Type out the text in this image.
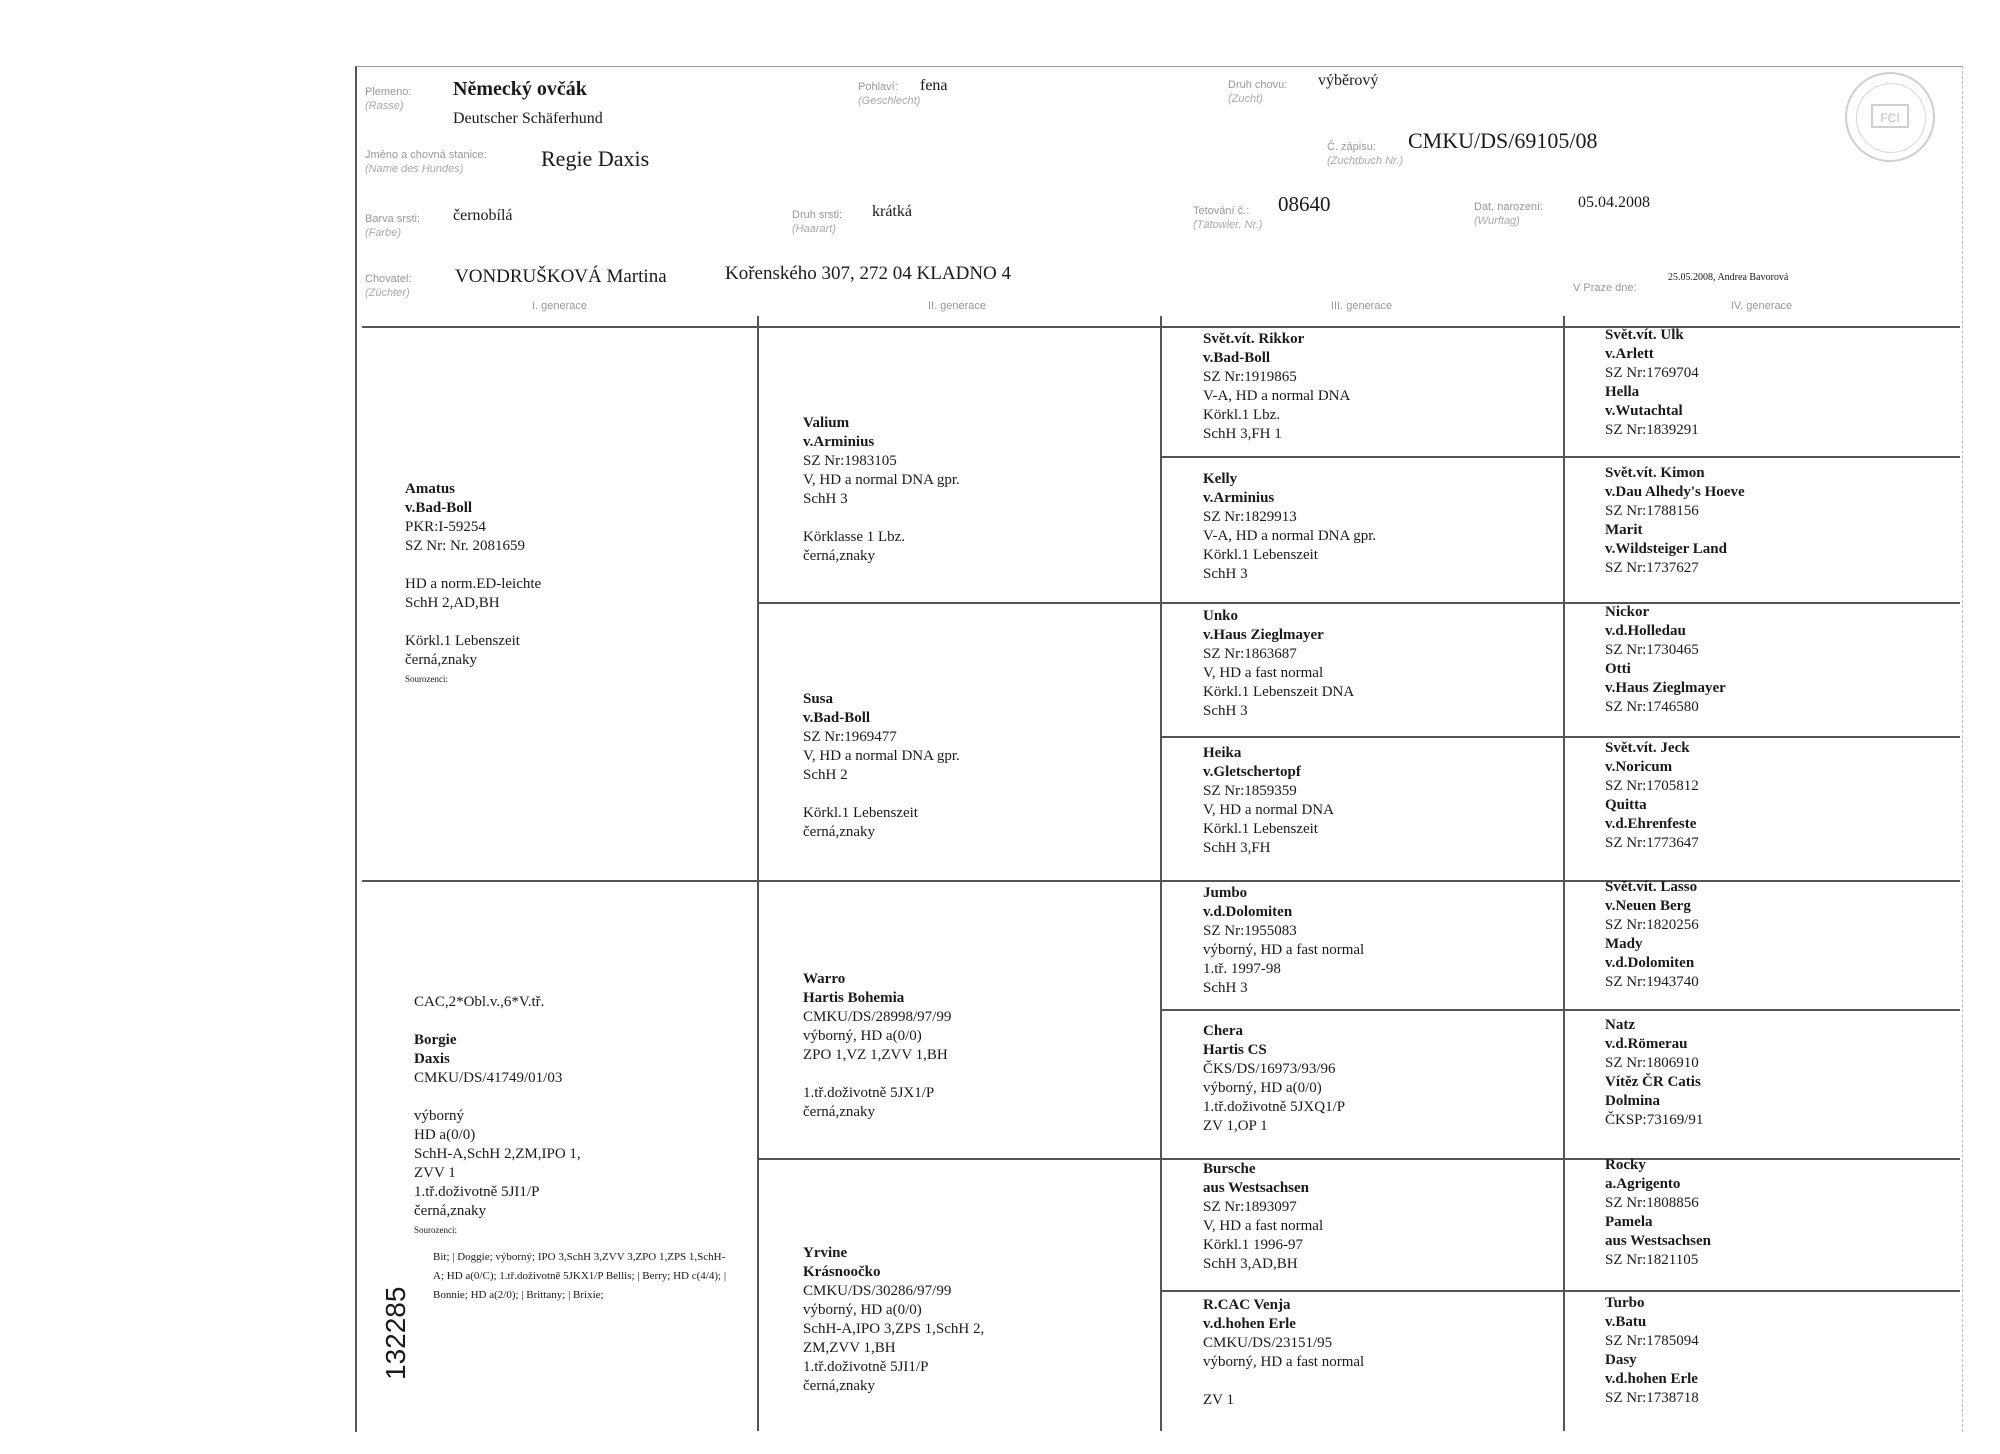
Plemeno:
(Rasse)
Německý ovčák
Deutscher Schäferhund
Pohlaví:
(Geschlecht)
fena	Druh chovu:
(Zucht)
výběrový
FCI
Jméno a chovná stanice:
(Name des Hundes)	Regie Daxis	Č. zápisu:
(Zuchtbuch Nr.)
CMKU/DS/69105/08
Barva srsti:
(Farbe)
černobílá	Druh srsti:
(Haarart)
krátká	Tetování č.:
(Tätowier. Nr.)
08640	Dat. narození:
(Wurftag)
05.04.2008
Chovatel:
(Züchter)
VONDRUŠKOVÁ Martina	Kořenského 307, 272 04 KLADNO 4
V Praze dne:
25.05.2008, Andrea Bavorová
I. generace	II. generace	III. generace	IV. generace
Amatus
v.Bad-Boll
PKR:I-59254
SZ Nr: Nr. 2081659

HD a norm.ED-leichte
SchH 2,AD,BH

Körkl.1 Lebenszeit
černá,znaky
Sourozenci:
CAC,2*Obl.v.,6*V.tř.

Borgie
Daxis
CMKU/DS/41749/01/03

výborný
HD a(0/0)
SchH-A,SchH 2,ZM,IPO 1,
ZVV 1
1.tř.doživotně 5JI1/P
černá,znaky
Sourozenci:
Bit; | Doggie; výborný; IPO 3,SchH 3,ZVV 3,ZPO 1,ZPS 1,SchH-A; HD a(0/C); 1.tř.doživotně 5JKX1/P Bellis; | Berry; HD c(4/4); | Bonnie; HD a(2/0); | Brittany; | Brixie;
132285
Valium
v.Arminius
SZ Nr:1983105
V, HD a normal DNA gpr.
SchH 3

Körklasse 1 Lbz.
černá,znaky
Susa
v.Bad-Boll
SZ Nr:1969477
V, HD a normal DNA gpr.
SchH 2

Körkl.1 Lebenszeit
černá,znaky
Warro
Hartis Bohemia
CMKU/DS/28998/97/99
výborný, HD a(0/0)
ZPO 1,VZ 1,ZVV 1,BH

1.tř.doživotně 5JX1/P
černá,znaky
Yrvine
Krásnoočko
CMKU/DS/30286/97/99
výborný, HD a(0/0)
SchH-A,IPO 3,ZPS 1,SchH 2,
ZM,ZVV 1,BH
1.tř.doživotně 5JI1/P
černá,znaky
Svět.vít. Rikkor
v.Bad-Boll
SZ Nr:1919865
V-A, HD a normal DNA
Körkl.1 Lbz.
SchH 3,FH 1
Kelly
v.Arminius
SZ Nr:1829913
V-A, HD a normal DNA gpr.
Körkl.1 Lebenszeit
SchH 3
Unko
v.Haus Zieglmayer
SZ Nr:1863687
V, HD a fast normal
Körkl.1 Lebenszeit DNA
SchH 3
Heika
v.Gletschertopf
SZ Nr:1859359
V, HD a normal DNA
Körkl.1 Lebenszeit
SchH 3,FH
Jumbo
v.d.Dolomiten
SZ Nr:1955083
výborný, HD a fast normal
1.tř. 1997-98
SchH 3
Chera
Hartis CS
ČKS/DS/16973/93/96
výborný, HD a(0/0)
1.tř.doživotně 5JXQ1/P
ZV 1,OP 1
Bursche
aus Westsachsen
SZ Nr:1893097
V, HD a fast normal
Körkl.1 1996-97
SchH 3,AD,BH
R.CAC Venja
v.d.hohen Erle
CMKU/DS/23151/95
výborný, HD a fast normal

ZV 1
Svět.vít. Ulk
v.Arlett
SZ Nr:1769704
Hella
v.Wutachtal
SZ Nr:1839291
Svět.vít. Kimon
v.Dau Alhedy's Hoeve
SZ Nr:1788156
Marit
v.Wildsteiger Land
SZ Nr:1737627
Nickor
v.d.Holledau
SZ Nr:1730465
Otti
v.Haus Zieglmayer
SZ Nr:1746580
Svět.vít. Jeck
v.Noricum
SZ Nr:1705812
Quitta
v.d.Ehrenfeste
SZ Nr:1773647
Svět.vít. Lasso
v.Neuen Berg
SZ Nr:1820256
Mady
v.d.Dolomiten
SZ Nr:1943740
Natz
v.d.Römerau
SZ Nr:1806910
Vítěz ČR Catis
Dolmina
ČKSP:73169/91
Rocky
a.Agrigento
SZ Nr:1808856
Pamela
aus Westsachsen
SZ Nr:1821105
Turbo
v.Batu
SZ Nr:1785094
Dasy
v.d.hohen Erle
SZ Nr:1738718
